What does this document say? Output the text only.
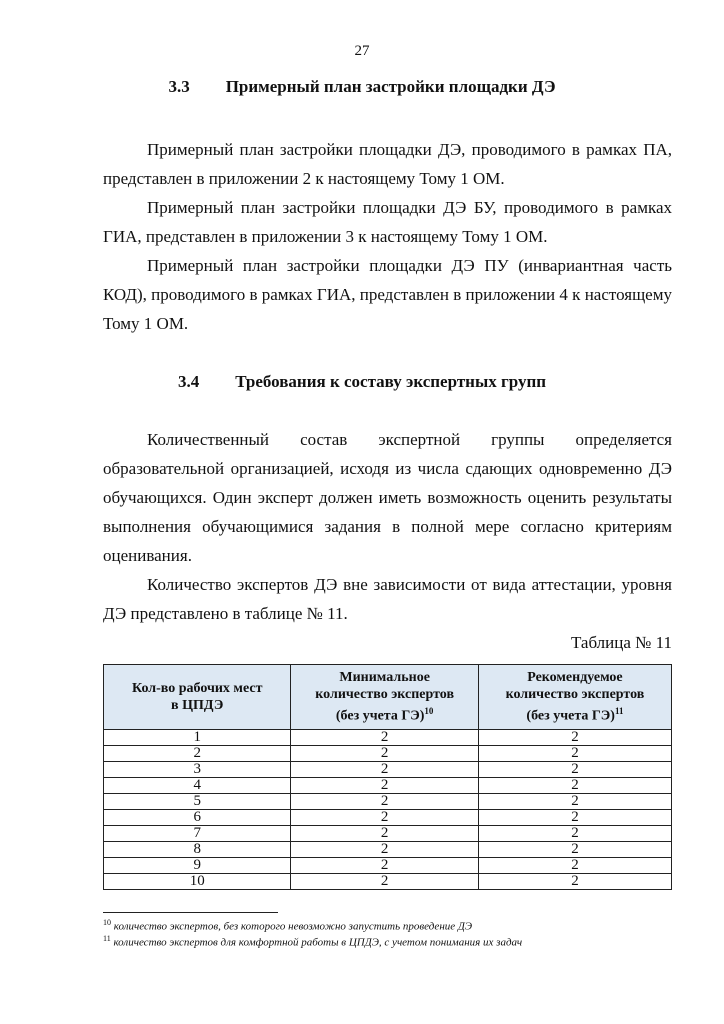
27
3.3 Примерный план застройки площадки ДЭ
Примерный план застройки площадки ДЭ, проводимого в рамках ПА,
представлен в приложении 2 к настоящему Тому 1 ОМ.
Примерный план застройки площадки ДЭ БУ, проводимого в рамках
ГИА, представлен в приложении 3 к настоящему Тому 1 ОМ.
Примерный план застройки площадки ДЭ ПУ (инвариантная часть
КОД), проводимого в рамках ГИА, представлен в приложении 4 к настоящему
Тому 1 ОМ.
3.4 Требования к составу экспертных групп
Количественный состав экспертной группы определяется
образовательной организацией, исходя из числа сдающих одновременно ДЭ
обучающихся. Один эксперт должен иметь возможность оценить результаты
выполнения обучающимися задания в полной мере согласно критериям
оценивания.
Количество экспертов ДЭ вне зависимости от вида аттестации, уровня
ДЭ представлено в таблице № 11.
Таблица № 11
Кол-во рабочих мест
в ЦПДЭ	Минимальное
количество экспертов
(без учета ГЭ)$^{10}$	Рекомендуемое
количество экспертов
(без учета ГЭ)$^{11}$
1	2	2
2	2	2
3	2	2
4	2	2
5	2	2
6	2	2
7	2	2
8	2	2
9	2	2
10	2	2
$^{10}$ количество экспертов, без которого невозможно запустить проведение ДЭ
$^{11}$ количество экспертов для комфортной работы в ЦПДЭ, с учетом понимания их задач
